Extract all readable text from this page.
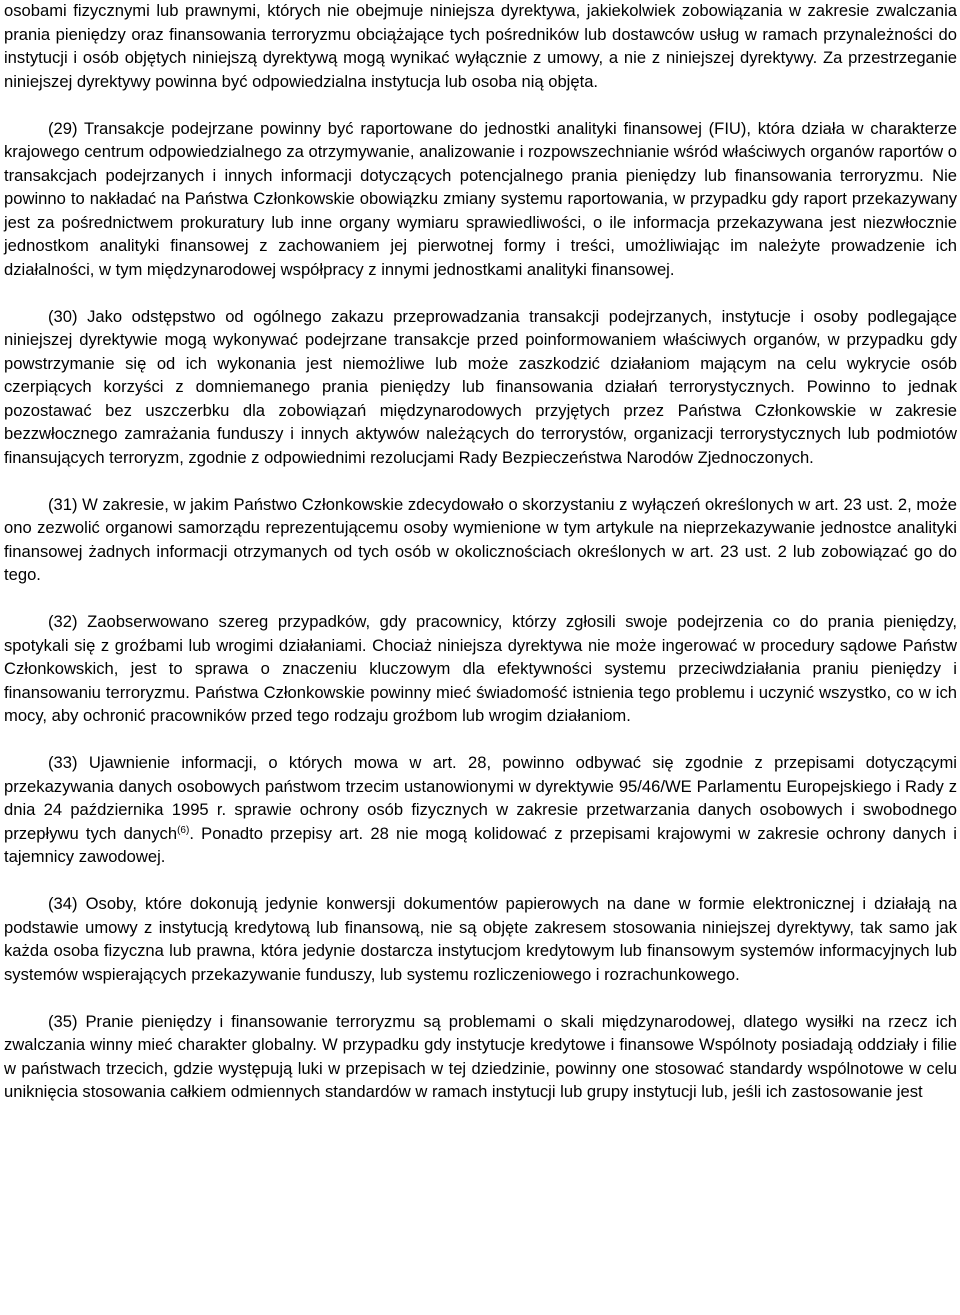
osobami fizycznymi lub prawnymi, których nie obejmuje niniejsza dyrektywa, jakiekolwiek zobowiązania w zakresie zwalczania prania pieniędzy oraz finansowania terroryzmu obciążające tych pośredników lub dostawców usług w ramach przynależności do instytucji i osób objętych niniejszą dyrektywą mogą wynikać wyłącznie z umowy, a nie z niniejszej dyrektywy. Za przestrzeganie niniejszej dyrektywy powinna być odpowiedzialna instytucja lub osoba nią objęta.

(29) Transakcje podejrzane powinny być raportowane do jednostki analityki finansowej (FIU), która działa w charakterze krajowego centrum odpowiedzialnego za otrzymywanie, analizowanie i rozpowszechnianie wśród właściwych organów raportów o transakcjach podejrzanych i innych informacji dotyczących potencjalnego prania pieniędzy lub finansowania terroryzmu. Nie powinno to nakładać na Państwa Członkowskie obowiązku zmiany systemu raportowania, w przypadku gdy raport przekazywany jest za pośrednictwem prokuratury lub inne organy wymiaru sprawiedliwości, o ile informacja przekazywana jest niezwłocznie jednostkom analityki finansowej z zachowaniem jej pierwotnej formy i treści, umożliwiając im należyte prowadzenie ich działalności, w tym międzynarodowej współpracy z innymi jednostkami analityki finansowej.

(30) Jako odstępstwo od ogólnego zakazu przeprowadzania transakcji podejrzanych, instytucje i osoby podlegające niniejszej dyrektywie mogą wykonywać podejrzane transakcje przed poinformowaniem właściwych organów, w przypadku gdy powstrzymanie się od ich wykonania jest niemożliwe lub może zaszkodzić działaniom mającym na celu wykrycie osób czerpiących korzyści z domniemanego prania pieniędzy lub finansowania działań terrorystycznych. Powinno to jednak pozostawać bez uszczerbku dla zobowiązań międzynarodowych przyjętych przez Państwa Członkowskie w zakresie bezzwłocznego zamrażania funduszy i innych aktywów należących do terrorystów, organizacji terrorystycznych lub podmiotów finansujących terroryzm, zgodnie z odpowiednimi rezolucjami Rady Bezpieczeństwa Narodów Zjednoczonych.

(31) W zakresie, w jakim Państwo Członkowskie zdecydowało o skorzystaniu z wyłączeń określonych w art. 23 ust. 2, może ono zezwolić organowi samorządu reprezentującemu osoby wymienione w tym artykule na nieprzekazywanie jednostce analityki finansowej żadnych informacji otrzymanych od tych osób w okolicznościach określonych w art. 23 ust. 2 lub zobowiązać go do tego.

(32) Zaobserwowano szereg przypadków, gdy pracownicy, którzy zgłosili swoje podejrzenia co do prania pieniędzy, spotykali się z groźbami lub wrogimi działaniami. Chociaż niniejsza dyrektywa nie może ingerować w procedury sądowe Państw Członkowskich, jest to sprawa o znaczeniu kluczowym dla efektywności systemu przeciwdziałania praniu pieniędzy i finansowaniu terroryzmu. Państwa Członkowskie powinny mieć świadomość istnienia tego problemu i uczynić wszystko, co w ich mocy, aby ochronić pracowników przed tego rodzaju groźbom lub wrogim działaniom.

(33) Ujawnienie informacji, o których mowa w art. 28, powinno odbywać się zgodnie z przepisami dotyczącymi przekazywania danych osobowych państwom trzecim ustanowionymi w dyrektywie 95/46/WE Parlamentu Europejskiego i Rady z dnia 24 października 1995 r. sprawie ochrony osób fizycznych w zakresie przetwarzania danych osobowych i swobodnego przepływu tych danych$^{(6)}$. Ponadto przepisy art. 28 nie mogą kolidować z przepisami krajowymi w zakresie ochrony danych i tajemnicy zawodowej.

(34) Osoby, które dokonują jedynie konwersji dokumentów papierowych na dane w formie elektronicznej i działają na podstawie umowy z instytucją kredytową lub finansową, nie są objęte zakresem stosowania niniejszej dyrektywy, tak samo jak każda osoba fizyczna lub prawna, która jedynie dostarcza instytucjom kredytowym lub finansowym systemów informacyjnych lub systemów wspierających przekazywanie funduszy, lub systemu rozliczeniowego i rozrachunkowego.

(35) Pranie pieniędzy i finansowanie terroryzmu są problemami o skali międzynarodowej, dlatego wysiłki na rzecz ich zwalczania winny mieć charakter globalny. W przypadku gdy instytucje kredytowe i finansowe Wspólnoty posiadają oddziały i filie w państwach trzecich, gdzie występują luki w przepisach w tej dziedzinie, powinny one stosować standardy wspólnotowe w celu uniknięcia stosowania całkiem odmiennych standardów w ramach instytucji lub grupy instytucji lub, jeśli ich zastosowanie jest
